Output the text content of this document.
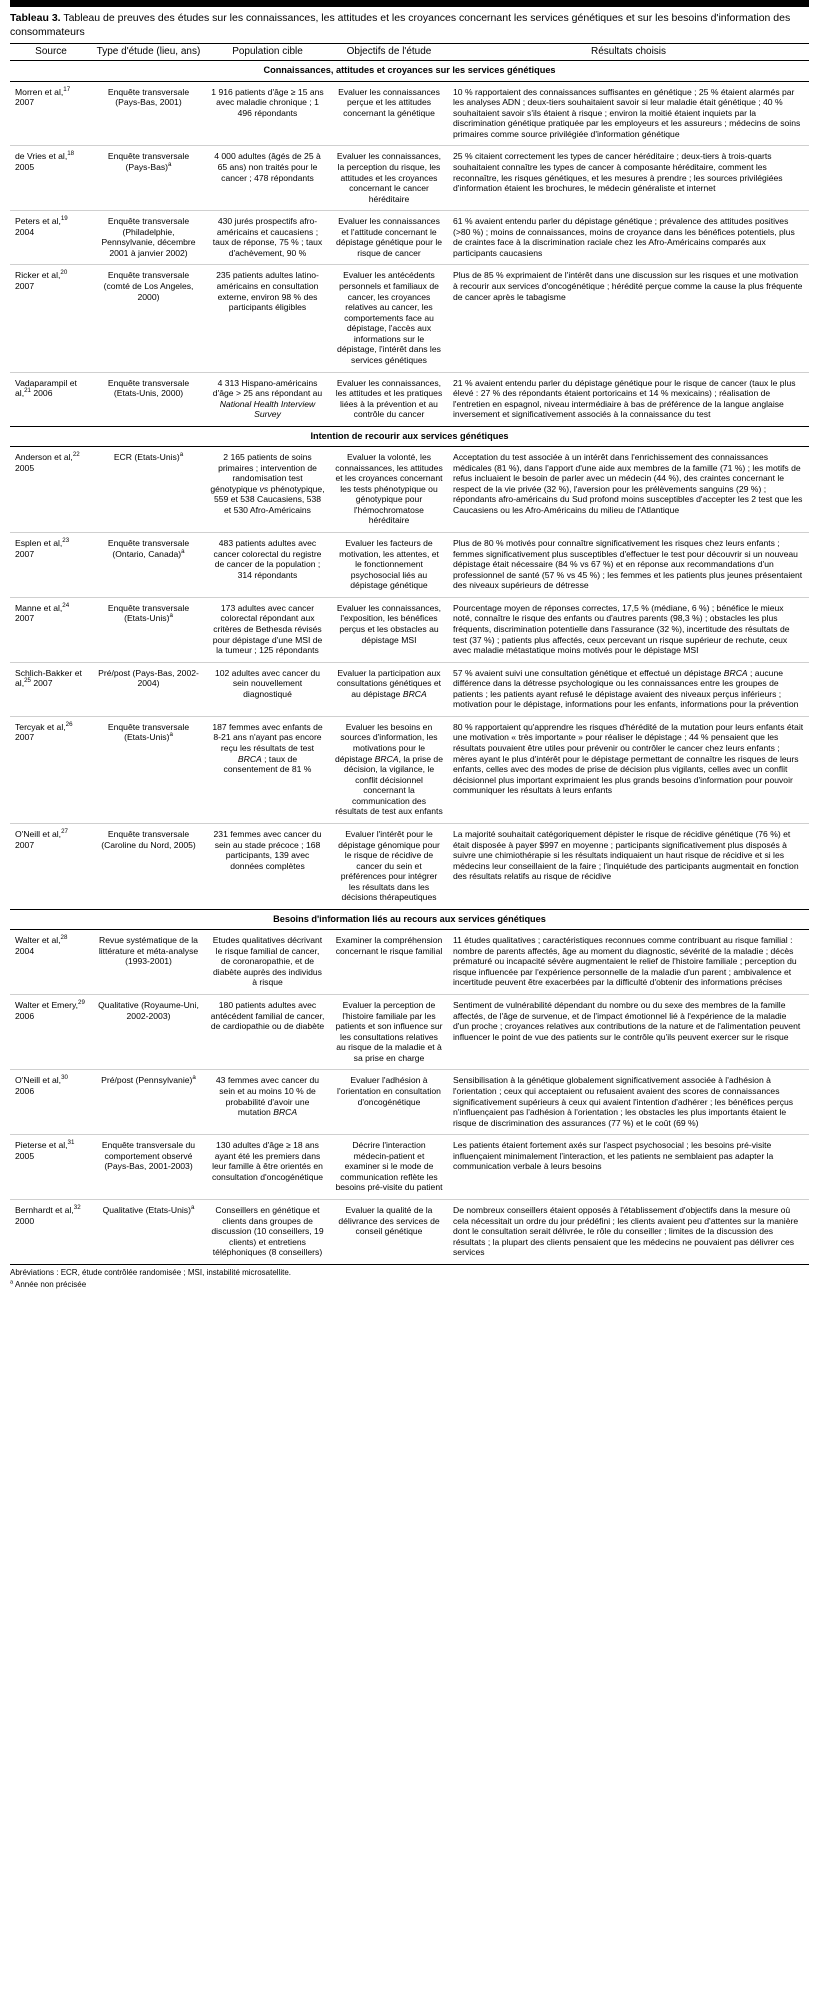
Tableau 3. Tableau de preuves des études sur les connaissances, les attitudes et les croyances concernant les services génétiques et sur les besoins d'information des consommateurs
Source	Type d'étude (lieu, ans)	Population cible	Objectifs de l'étude	Résultats choisis
Connaissances, attitudes et croyances sur les services génétiques				
Morren et al,$^{17}$ 2007	Enquête transversale (Pays-Bas, 2001)	1 916 patients d'âge ≥ 15 ans avec maladie chronique ; 1 496 répondants	Evaluer les connaissances perçue et les attitudes concernant la génétique	10 % rapportaient des connaissances suffisantes en génétique ; 25 % étaient alarmés par les analyses ADN ; deux-tiers souhaitaient savoir si leur maladie était génétique ; 40 % souhaitaient savoir s'ils étaient à risque ; environ la moitié étaient inquiets par la discrimination génétique pratiquée par les employeurs et les assureurs ; médecins de soins primaires comme source privilégiée d'information génétique
de Vries et al,$^{18}$ 2005	Enquête transversale (Pays-Bas)$^a$	4 000 adultes (âgés de 25 à 65 ans) non traités pour le cancer ; 478 répondants	Evaluer les connaissances, la perception du risque, les attitudes et les croyances concernant le cancer héréditaire	25 % citaient correctement les types de cancer héréditaire ; deux-tiers à trois-quarts souhaitaient connaître les types de cancer à composante héréditaire, comment les reconnaître, les risques génétiques, et les mesures à prendre ; les sources privilégiées d'information étaient les brochures, le médecin généraliste et internet
Peters et al,$^{19}$ 2004	Enquête transversale (Philadelphie, Pennsylvanie, décembre 2001 à janvier 2002)	430 jurés prospectifs afro-américains et caucasiens ; taux de réponse, 75 % ; taux d'achèvement, 90 %	Evaluer les connaissances et l'attitude concernant le dépistage génétique pour le risque de cancer	61 % avaient entendu parler du dépistage génétique ; prévalence des attitudes positives (>80 %) ; moins de connaissances, moins de croyance dans les bénéfices potentiels, plus de craintes face à la discrimination raciale chez les Afro-Américains comparés aux participants caucasiens
Ricker et al,$^{20}$ 2007	Enquête transversale (comté de Los Angeles, 2000)	235 patients adultes latino-américains en consultation externe, environ 98 % des participants éligibles	Evaluer les antécédents personnels et familiaux de cancer, les croyances relatives au cancer, les comportements face au dépistage, l'accès aux informations sur le dépistage, l'intérêt dans les services génétiques	Plus de 85 % exprimaient de l'intérêt dans une discussion sur les risques et une motivation à recourir aux services d'oncogénétique ; hérédité perçue comme la cause la plus fréquente de cancer après le tabagisme
Vadaparampil et al,$^{21}$ 2006	Enquête transversale (Etats-Unis, 2000)	4 313 Hispano-américains d'âge > 25 ans répondant au National Health Interview Survey	Evaluer les connaissances, les attitudes et les pratiques liées à la prévention et au contrôle du cancer	21 % avaient entendu parler du dépistage génétique pour le risque de cancer (taux le plus élevé : 27 % des répondants étaient portoricains et 14 % mexicains) ; réalisation de l'entretien en espagnol, niveau intermédiaire à bas de préférence de la langue anglaise inversement et significativement associés à la connaissance du test
Intention de recourir aux services génétiques				
Anderson et al,$^{22}$ 2005	ECR (Etats-Unis)$^a$	2 165 patients de soins primaires ; intervention de randomisation test génotypique vs phénotypique, 559 et 538 Caucasiens, 538 et 530 Afro-Américains	Evaluer la volonté, les connaissances, les attitudes et les croyances concernant les tests phénotypique ou génotypique pour l'hémochromatose héréditaire	Acceptation du test associée à un intérêt dans l'enrichissement des connaissances médicales (81 %), dans l'apport d'une aide aux membres de la famille (71 %) ; les motifs de refus incluaient le besoin de parler avec un médecin (44 %), des craintes concernant le respect de la vie privée (32 %), l'aversion pour les prélèvements sanguins (29 %) ; répondants afro-américains du Sud profond moins susceptibles d'accepter les 2 test que les Caucasiens ou les Afro-Américains du milieu de l'Atlantique
Esplen et al,$^{23}$ 2007	Enquête transversale (Ontario, Canada)$^a$	483 patients adultes avec cancer colorectal du registre de cancer de la population ; 314 répondants	Evaluer les facteurs de motivation, les attentes, et le fonctionnement psychosocial liés au dépistage génétique	Plus de 80 % motivés pour connaître significativement les risques chez leurs enfants ; femmes significativement plus susceptibles d'effectuer le test pour découvrir si un nouveau dépistage était nécessaire (84 % vs 67 %) et en réponse aux recommandations d'un professionnel de santé (57 % vs 45 %) ; les femmes et les patients plus jeunes présentaient des niveaux supérieurs de détresse
Manne et al,$^{24}$ 2007	Enquête transversale (Etats-Unis)$^a$	173 adultes avec cancer colorectal répondant aux critères de Bethesda révisés pour dépistage d'une MSI de la tumeur ; 125 répondants	Evaluer les connaissances, l'exposition, les bénéfices perçus et les obstacles au dépistage MSI	Pourcentage moyen de réponses correctes, 17,5 % (médiane, 6 %) ; bénéfice le mieux noté, connaître le risque des enfants ou d'autres parents (98,3 %) ; obstacles les plus fréquents, discrimination potentielle dans l'assurance (32 %), incertitude des résultats de test (37 %) ; patients plus affectés, ceux percevant un risque supérieur de rechute, ceux avec maladie métastatique moins motivés pour le dépistage MSI
Schlich-Bakker et al,$^{25}$ 2007	Pré/post (Pays-Bas, 2002-2004)	102 adultes avec cancer du sein nouvellement diagnostiqué	Evaluer la participation aux consultations génétiques et au dépistage BRCA	57 % avaient suivi une consultation génétique et effectué un dépistage BRCA ; aucune différence dans la détresse psychologique ou les connaissances entre les groupes de patients ; les patients ayant refusé le dépistage avaient des niveaux perçus inférieurs ; motivation pour le dépistage, informations pour les enfants, informations pour la prévention
Tercyak et al,$^{26}$ 2007	Enquête transversale (Etats-Unis)$^a$	187 femmes avec enfants de 8-21 ans n'ayant pas encore reçu les résultats de test BRCA ; taux de consentement de 81 %	Evaluer les besoins en sources d'information, les motivations pour le dépistage BRCA, la prise de décision, la vigilance, le conflit décisionnel concernant la communication des résultats de test aux enfants	80 % rapportaient qu'apprendre les risques d'hérédité de la mutation pour leurs enfants était une motivation « très importante » pour réaliser le dépistage ; 44 % pensaient que les résultats pouvaient être utiles pour prévenir ou contrôler le cancer chez leurs enfants ; mères ayant le plus d'intérêt pour le dépistage permettant de connaître les risques de leurs enfants, celles avec des modes de prise de décision plus vigilants, celles avec un conflit décisionnel plus important exprimaient les plus grands besoins d'information pour pouvoir communiquer les résultats à leurs enfants
O'Neill et al,$^{27}$ 2007	Enquête transversale (Caroline du Nord, 2005)	231 femmes avec cancer du sein au stade précoce ; 168 participants, 139 avec données complètes	Evaluer l'intérêt pour le dépistage génomique pour le risque de récidive de cancer du sein et préférences pour intégrer les résultats dans les décisions thérapeutiques	La majorité souhaitait catégoriquement dépister le risque de récidive génétique (76 %) et était disposée à payer $997 en moyenne ; participants significativement plus disposés à suivre une chimiothérapie si les résultats indiquaient un haut risque de récidive et si les médecins leur conseillaient de la faire ; l'inquiétude des participants augmentait en fonction des résultats relatifs au risque de récidive
Besoins d'information liés au recours aux services génétiques				
Walter et al,$^{28}$ 2004	Revue systématique de la littérature et méta-analyse (1993-2001)	Etudes qualitatives décrivant le risque familial de cancer, de coronaropathie, et de diabète auprès des individus à risque	Examiner la compréhension concernant le risque familial	11 études qualitatives ; caractéristiques reconnues comme contribuant au risque familial : nombre de parents affectés, âge au moment du diagnostic, sévérité de la maladie ; décès prématuré ou incapacité sévère augmentaient le relief de l'histoire familiale ; perception du risque influencée par l'expérience personnelle de la maladie d'un parent ; ambivalence et incertitude peuvent être exacerbées par la difficulté d'obtenir des informations précises
Walter et Emery,$^{29}$ 2006	Qualitative (Royaume-Uni, 2002-2003)	180 patients adultes avec antécédent familial de cancer, de cardiopathie ou de diabète	Evaluer la perception de l'histoire familiale par les patients et son influence sur les consultations relatives au risque de la maladie et à sa prise en charge	Sentiment de vulnérabilité dépendant du nombre ou du sexe des membres de la famille affectés, de l'âge de survenue, et de l'impact émotionnel lié à l'expérience de la maladie d'un proche ; croyances relatives aux contributions de la nature et de l'alimentation peuvent influencer le point de vue des patients sur le contrôle qu'ils peuvent exercer sur le risque
O'Neill et al,$^{30}$ 2006	Pré/post (Pennsylvanie)$^a$	43 femmes avec cancer du sein et au moins 10 % de probabilité d'avoir une mutation BRCA	Evaluer l'adhésion à l'orientation en consultation d'oncogénétique	Sensibilisation à la génétique globalement significativement associée à l'adhésion à l'orientation ; ceux qui acceptaient ou refusaient avaient des scores de connaissances significativement supérieurs à ceux qui avaient l'intention d'adhérer ; les bénéfices perçus n'influençaient pas l'adhésion à l'orientation ; les obstacles les plus importants étaient le risque de discrimination des assurances (77 %) et le coût (69 %)
Pieterse et al,$^{31}$ 2005	Enquête transversale du comportement observé (Pays-Bas, 2001-2003)	130 adultes d'âge ≥ 18 ans ayant été les premiers dans leur famille à être orientés en consultation d'oncogénétique	Décrire l'interaction médecin-patient et examiner si le mode de communication reflète les besoins pré-visite du patient	Les patients étaient fortement axés sur l'aspect psychosocial ; les besoins pré-visite influençaient minimalement l'interaction, et les patients ne semblaient pas adapter la communication verbale à leurs besoins
Bernhardt et al,$^{32}$ 2000	Qualitative (Etats-Unis)$^a$	Conseillers en génétique et clients dans groupes de discussion (10 conseillers, 19 clients) et entretiens téléphoniques (8 conseillers)	Evaluer la qualité de la délivrance des services de conseil génétique	De nombreux conseillers étaient opposés à l'établissement d'objectifs dans la mesure où cela nécessitait un ordre du jour prédéfini ; les clients avaient peu d'attentes sur la manière dont le consultation serait délivrée, le rôle du conseiller ; limites de la discussion des résultats ; la plupart des clients pensaient que les médecins ne pouvaient pas délivrer ces services
Abréviations : ECR, étude contrôlée randomisée ; MSI, instabilité microsatellite.
$^a$ Année non précisée
